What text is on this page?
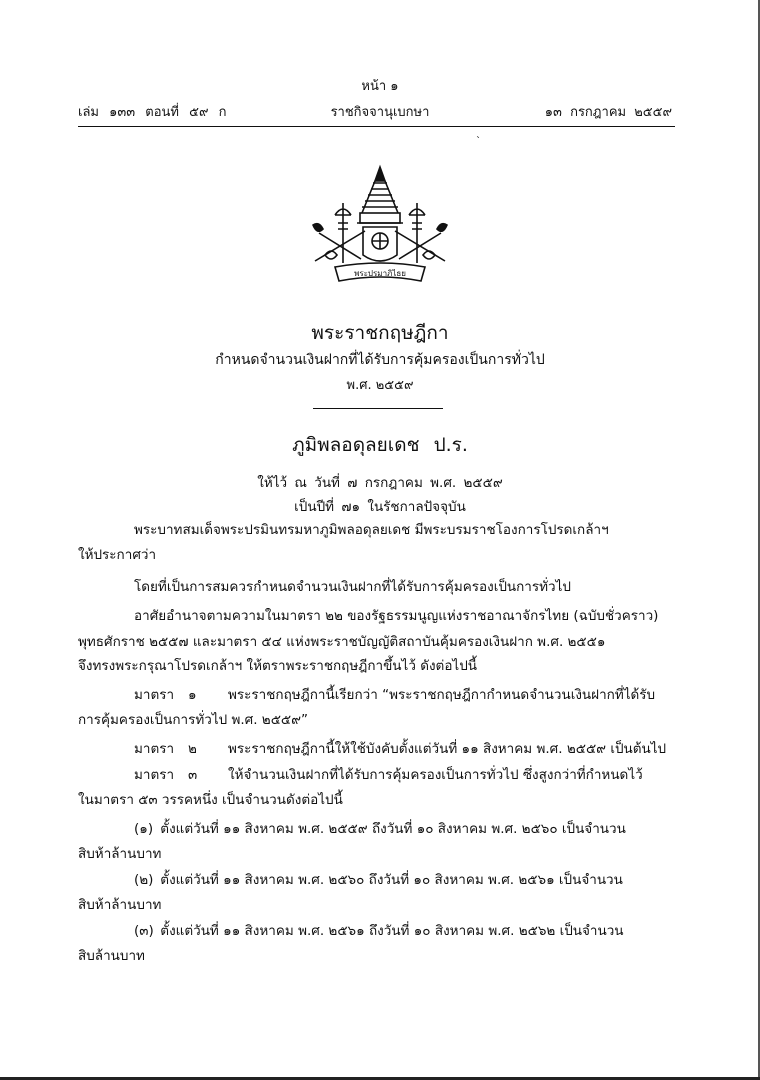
หน้า ๑
เล่ม ๑๓๓ ตอนที่ ๕๙ ก	ราชกิจจานุเบกษา	๑๓ กรกฎาคม ๒๕๕๙
`
พระปรมาภิไธย
พระราชกฤษฎีกา
กำหนดจำนวนเงินฝากที่ได้รับการคุ้มครองเป็นการทั่วไป
พ.ศ. ๒๕๕๙
ภูมิพลอดุลยเดช ป.ร.
ให้ไว้ ณ วันที่ ๗ กรกฎาคม พ.ศ. ๒๕๕๙
เป็นปีที่ ๗๑ ในรัชกาลปัจจุบัน
พระบาทสมเด็จพระปรมินทรมหาภูมิพลอดุลยเดช มีพระบรมราชโองการโปรดเกล้าฯ
ให้ประกาศว่า
โดยที่เป็นการสมควรกำหนดจำนวนเงินฝากที่ได้รับการคุ้มครองเป็นการทั่วไป
อาศัยอำนาจตามความในมาตรา ๒๒ ของรัฐธรรมนูญแห่งราชอาณาจักรไทย (ฉบับชั่วคราว)
พุทธศักราช ๒๕๕๗ และมาตรา ๕๔ แห่งพระราชบัญญัติสถาบันคุ้มครองเงินฝาก พ.ศ. ๒๕๕๑
จึงทรงพระกรุณาโปรดเกล้าฯ ให้ตราพระราชกฤษฎีกาขึ้นไว้ ดังต่อไปนี้
มาตรา ๑ พระราชกฤษฎีกานี้เรียกว่า “พระราชกฤษฎีกากำหนดจำนวนเงินฝากที่ได้รับ
การคุ้มครองเป็นการทั่วไป พ.ศ. ๒๕๕๙”
มาตรา ๒ พระราชกฤษฎีกานี้ให้ใช้บังคับตั้งแต่วันที่ ๑๑ สิงหาคม พ.ศ. ๒๕๕๙ เป็นต้นไป
มาตรา ๓ ให้จำนวนเงินฝากที่ได้รับการคุ้มครองเป็นการทั่วไป ซึ่งสูงกว่าที่กำหนดไว้
ในมาตรา ๕๓ วรรคหนึ่ง เป็นจำนวนดังต่อไปนี้
(๑) ตั้งแต่วันที่ ๑๑ สิงหาคม พ.ศ. ๒๕๕๙ ถึงวันที่ ๑๐ สิงหาคม พ.ศ. ๒๕๖๐ เป็นจำนวน
สิบห้าล้านบาท
(๒) ตั้งแต่วันที่ ๑๑ สิงหาคม พ.ศ. ๒๕๖๐ ถึงวันที่ ๑๐ สิงหาคม พ.ศ. ๒๕๖๑ เป็นจำนวน
สิบห้าล้านบาท
(๓) ตั้งแต่วันที่ ๑๑ สิงหาคม พ.ศ. ๒๕๖๑ ถึงวันที่ ๑๐ สิงหาคม พ.ศ. ๒๕๖๒ เป็นจำนวน
สิบล้านบาท
